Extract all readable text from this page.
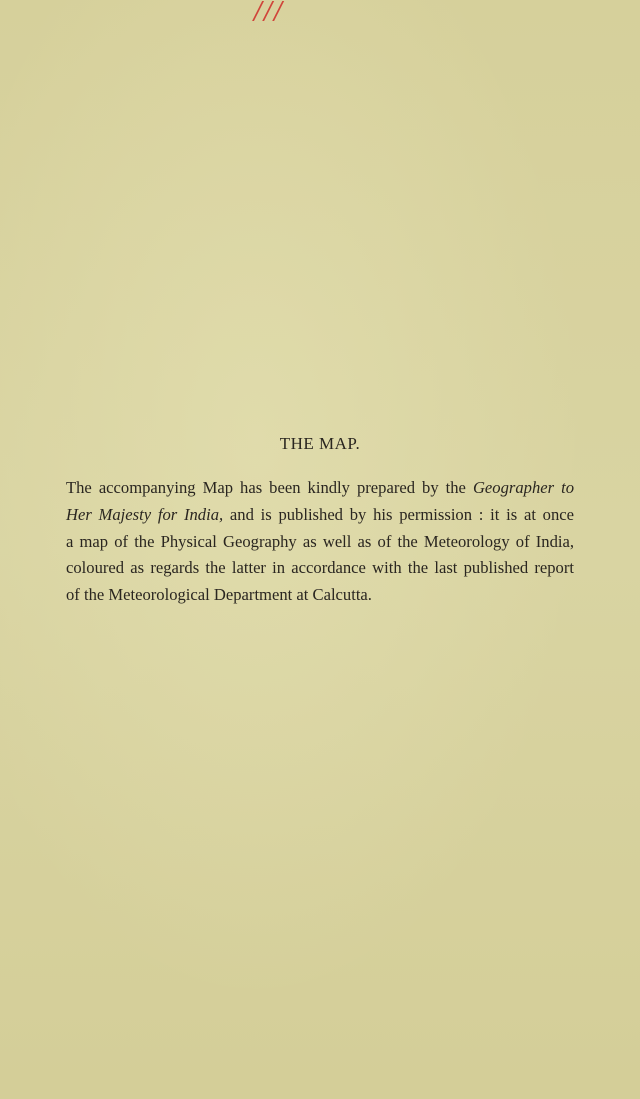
///
THE MAP.
The accompanying Map has been kindly prepared by the Geographer to
Her Majesty for India, and is published by his permission : it is at once
a map of the Physical Geography as well as of the Meteorology of India,
coloured as regards the latter in accordance with the last published report
of the Meteorological Department at Calcutta.
